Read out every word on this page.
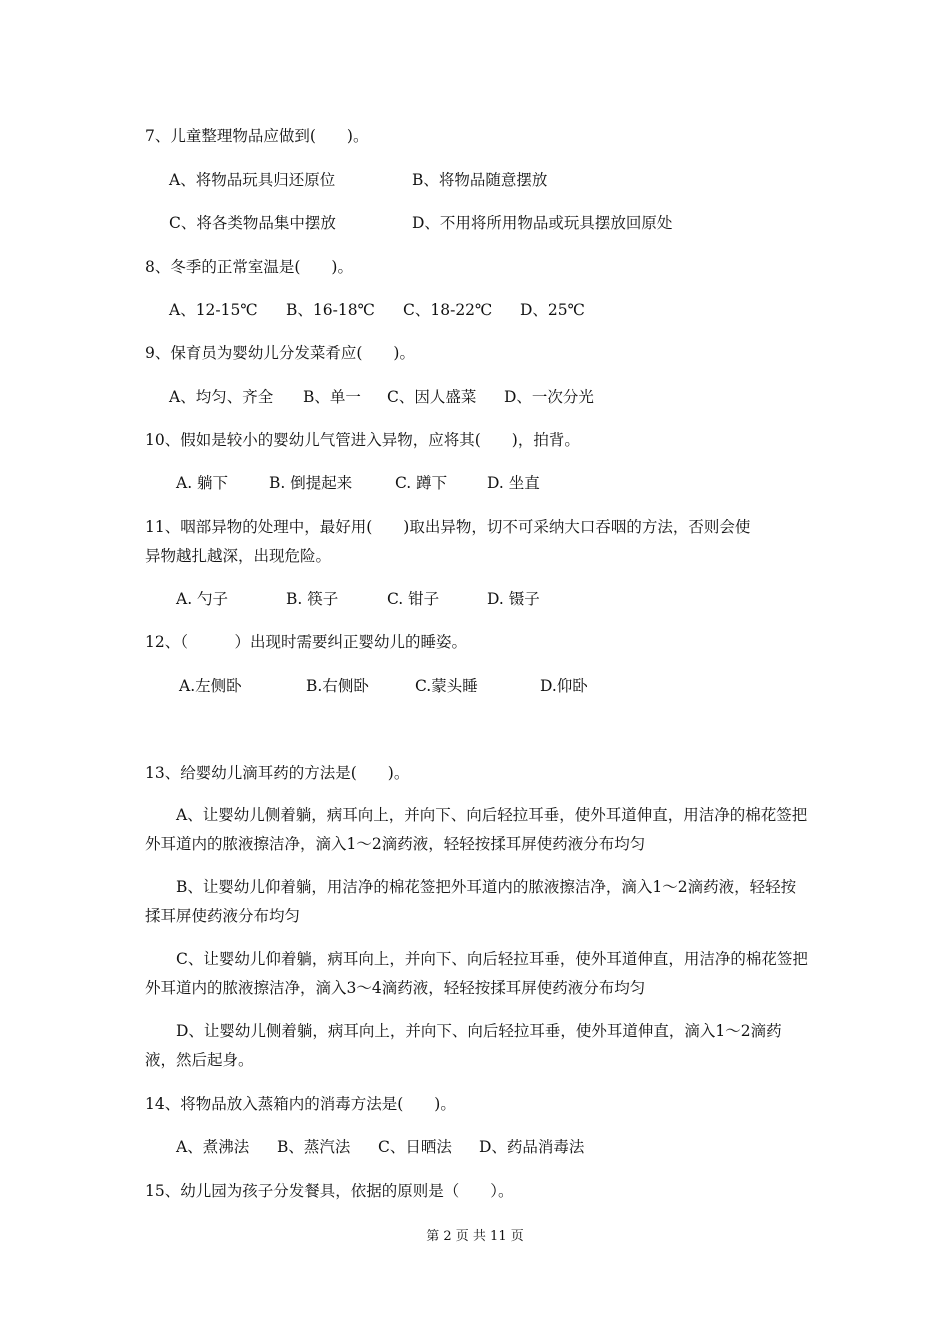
7、儿童整理物品应做到(　　)。

A、将物品玩具归还原位	B、将物品随意摆放
C、将各类物品集中摆放	D、不用将所用物品或玩具摆放回原处

8、冬季的正常室温是(　　)。

A、12-15℃ B、16-18℃ C、18-22℃ D、25℃

9、保育员为婴幼儿分发菜肴应(　　)。

A、均匀、齐全 B、单一 C、因人盛菜 D、一次分光

10、假如是较小的婴幼儿气管进入异物，应将其(　　)，拍背。

A. 躺下	B. 倒提起来	C. 蹲下	D. 坐直

11、咽部异物的处理中，最好用(　　)取出异物，切不可采纳大口吞咽的方法，否则会使

异物越扎越深，出现危险。

A. 勺子	B. 筷子	C. 钳子	D. 镊子

12、（　　　）出现时需要纠正婴幼儿的睡姿。

A.左侧卧	B.右侧卧	C.蒙头睡	D.仰卧

13、给婴幼儿滴耳药的方法是(　　)。

A、让婴幼儿侧着躺，病耳向上，并向下、向后轻拉耳垂，使外耳道伸直，用洁净的棉花签把外耳道内的脓液擦洁净，滴入1～2滴药液，轻轻按揉耳屏使药液分布均匀

B、让婴幼儿仰着躺，用洁净的棉花签把外耳道内的脓液擦洁净，滴入1～2滴药液，轻轻按揉耳屏使药液分布均匀

C、让婴幼儿仰着躺，病耳向上，并向下、向后轻拉耳垂，使外耳道伸直，用洁净的棉花签把外耳道内的脓液擦洁净，滴入3～4滴药液，轻轻按揉耳屏使药液分布均匀

D、让婴幼儿侧着躺，病耳向上，并向下、向后轻拉耳垂，使外耳道伸直，滴入1～2滴药液，然后起身。

14、将物品放入蒸箱内的消毒方法是(　　)。

A、煮沸法 B、蒸汽法 C、日晒法 D、药品消毒法

15、幼儿园为孩子分发餐具，依据的原则是（　　）。

第 2 页 共 11 页
